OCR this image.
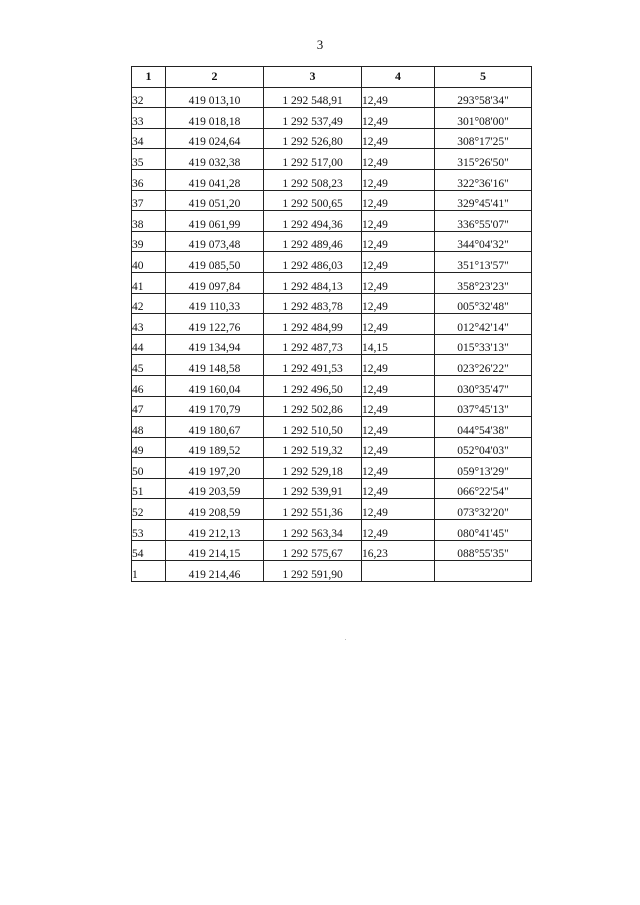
3
1	2	3	4	5
32	419 013,10	1 292 548,91	12,49	293°58'34"
33	419 018,18	1 292 537,49	12,49	301°08'00"
34	419 024,64	1 292 526,80	12,49	308°17'25"
35	419 032,38	1 292 517,00	12,49	315°26'50"
36	419 041,28	1 292 508,23	12,49	322°36'16"
37	419 051,20	1 292 500,65	12,49	329°45'41"
38	419 061,99	1 292 494,36	12,49	336°55'07"
39	419 073,48	1 292 489,46	12,49	344°04'32"
40	419 085,50	1 292 486,03	12,49	351°13'57"
41	419 097,84	1 292 484,13	12,49	358°23'23"
42	419 110,33	1 292 483,78	12,49	005°32'48"
43	419 122,76	1 292 484,99	12,49	012°42'14"
44	419 134,94	1 292 487,73	14,15	015°33'13"
45	419 148,58	1 292 491,53	12,49	023°26'22"
46	419 160,04	1 292 496,50	12,49	030°35'47"
47	419 170,79	1 292 502,86	12,49	037°45'13"
48	419 180,67	1 292 510,50	12,49	044°54'38"
49	419 189,52	1 292 519,32	12,49	052°04'03"
50	419 197,20	1 292 529,18	12,49	059°13'29"
51	419 203,59	1 292 539,91	12,49	066°22'54"
52	419 208,59	1 292 551,36	12,49	073°32'20"
53	419 212,13	1 292 563,34	12,49	080°41'45"
54	419 214,15	1 292 575,67	16,23	088°55'35"
1	419 214,46	1 292 591,90		
